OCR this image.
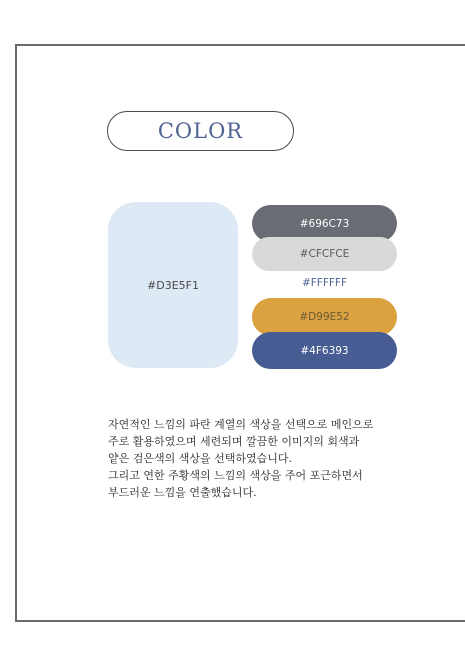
COLOR
#D3E5F1
#696C73
#CFCFCE
#FFFFFF
#D99E52
#4F6393

자연적인 느낌의 파란 계열의 색상을 선택으로 메인으로

주로 활용하였으며 세련되며 깔끔한 이미지의 회색과

얕은 검은색의 색상을 선택하였습니다.

그리고 연한 주황색의 느낌의 색상을 주어 포근하면서

부드러운 느낌을 연출했습니다.
